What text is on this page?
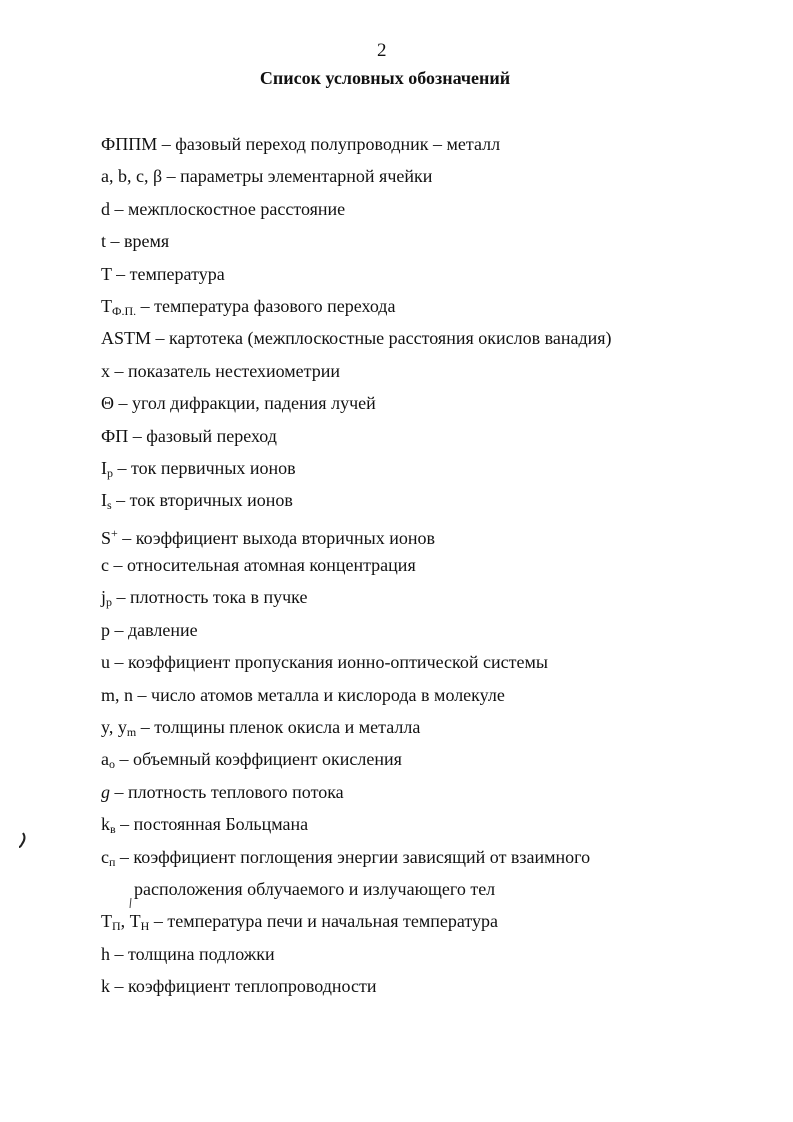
2
Список условных обозначений
ФППМ – фазовый переход полупроводник – металл
a, b, c, β – параметры элементарной ячейки
d – межплоскостное расстояние
t – время
T – температура
$T_{Ф.П.}$ – температура фазового перехода
ASTM – картотека (межплоскостные расстояния окислов ванадия)
x – показатель нестехиометрии
Θ – угол дифракции, падения лучей
ФП – фазовый переход
$I_p$ – ток первичных ионов
$I_s$ – ток вторичных ионов
S+ – коэффициент выхода вторичных ионов
c – относительная атомная концентрация
$j_p$ – плотность тока в пучке
p – давление
u – коэффициент пропускания ионно-оптической системы
m, n – число атомов металла и кислорода в молекуле
y, $y_m$ – толщины пленок окисла и металла
$a_o$ – объемный коэффициент окисления
g – плотность теплового потока
$k_в$ – постоянная Больцмана
$c_п$ – коэффициент поглощения энергии зависящий от взаимного
расположения облучаемого и излучающего тел
$T_П$, $T_Н$ – температура печи и начальная температура
h – толщина подложки
k – коэффициент теплопроводности
